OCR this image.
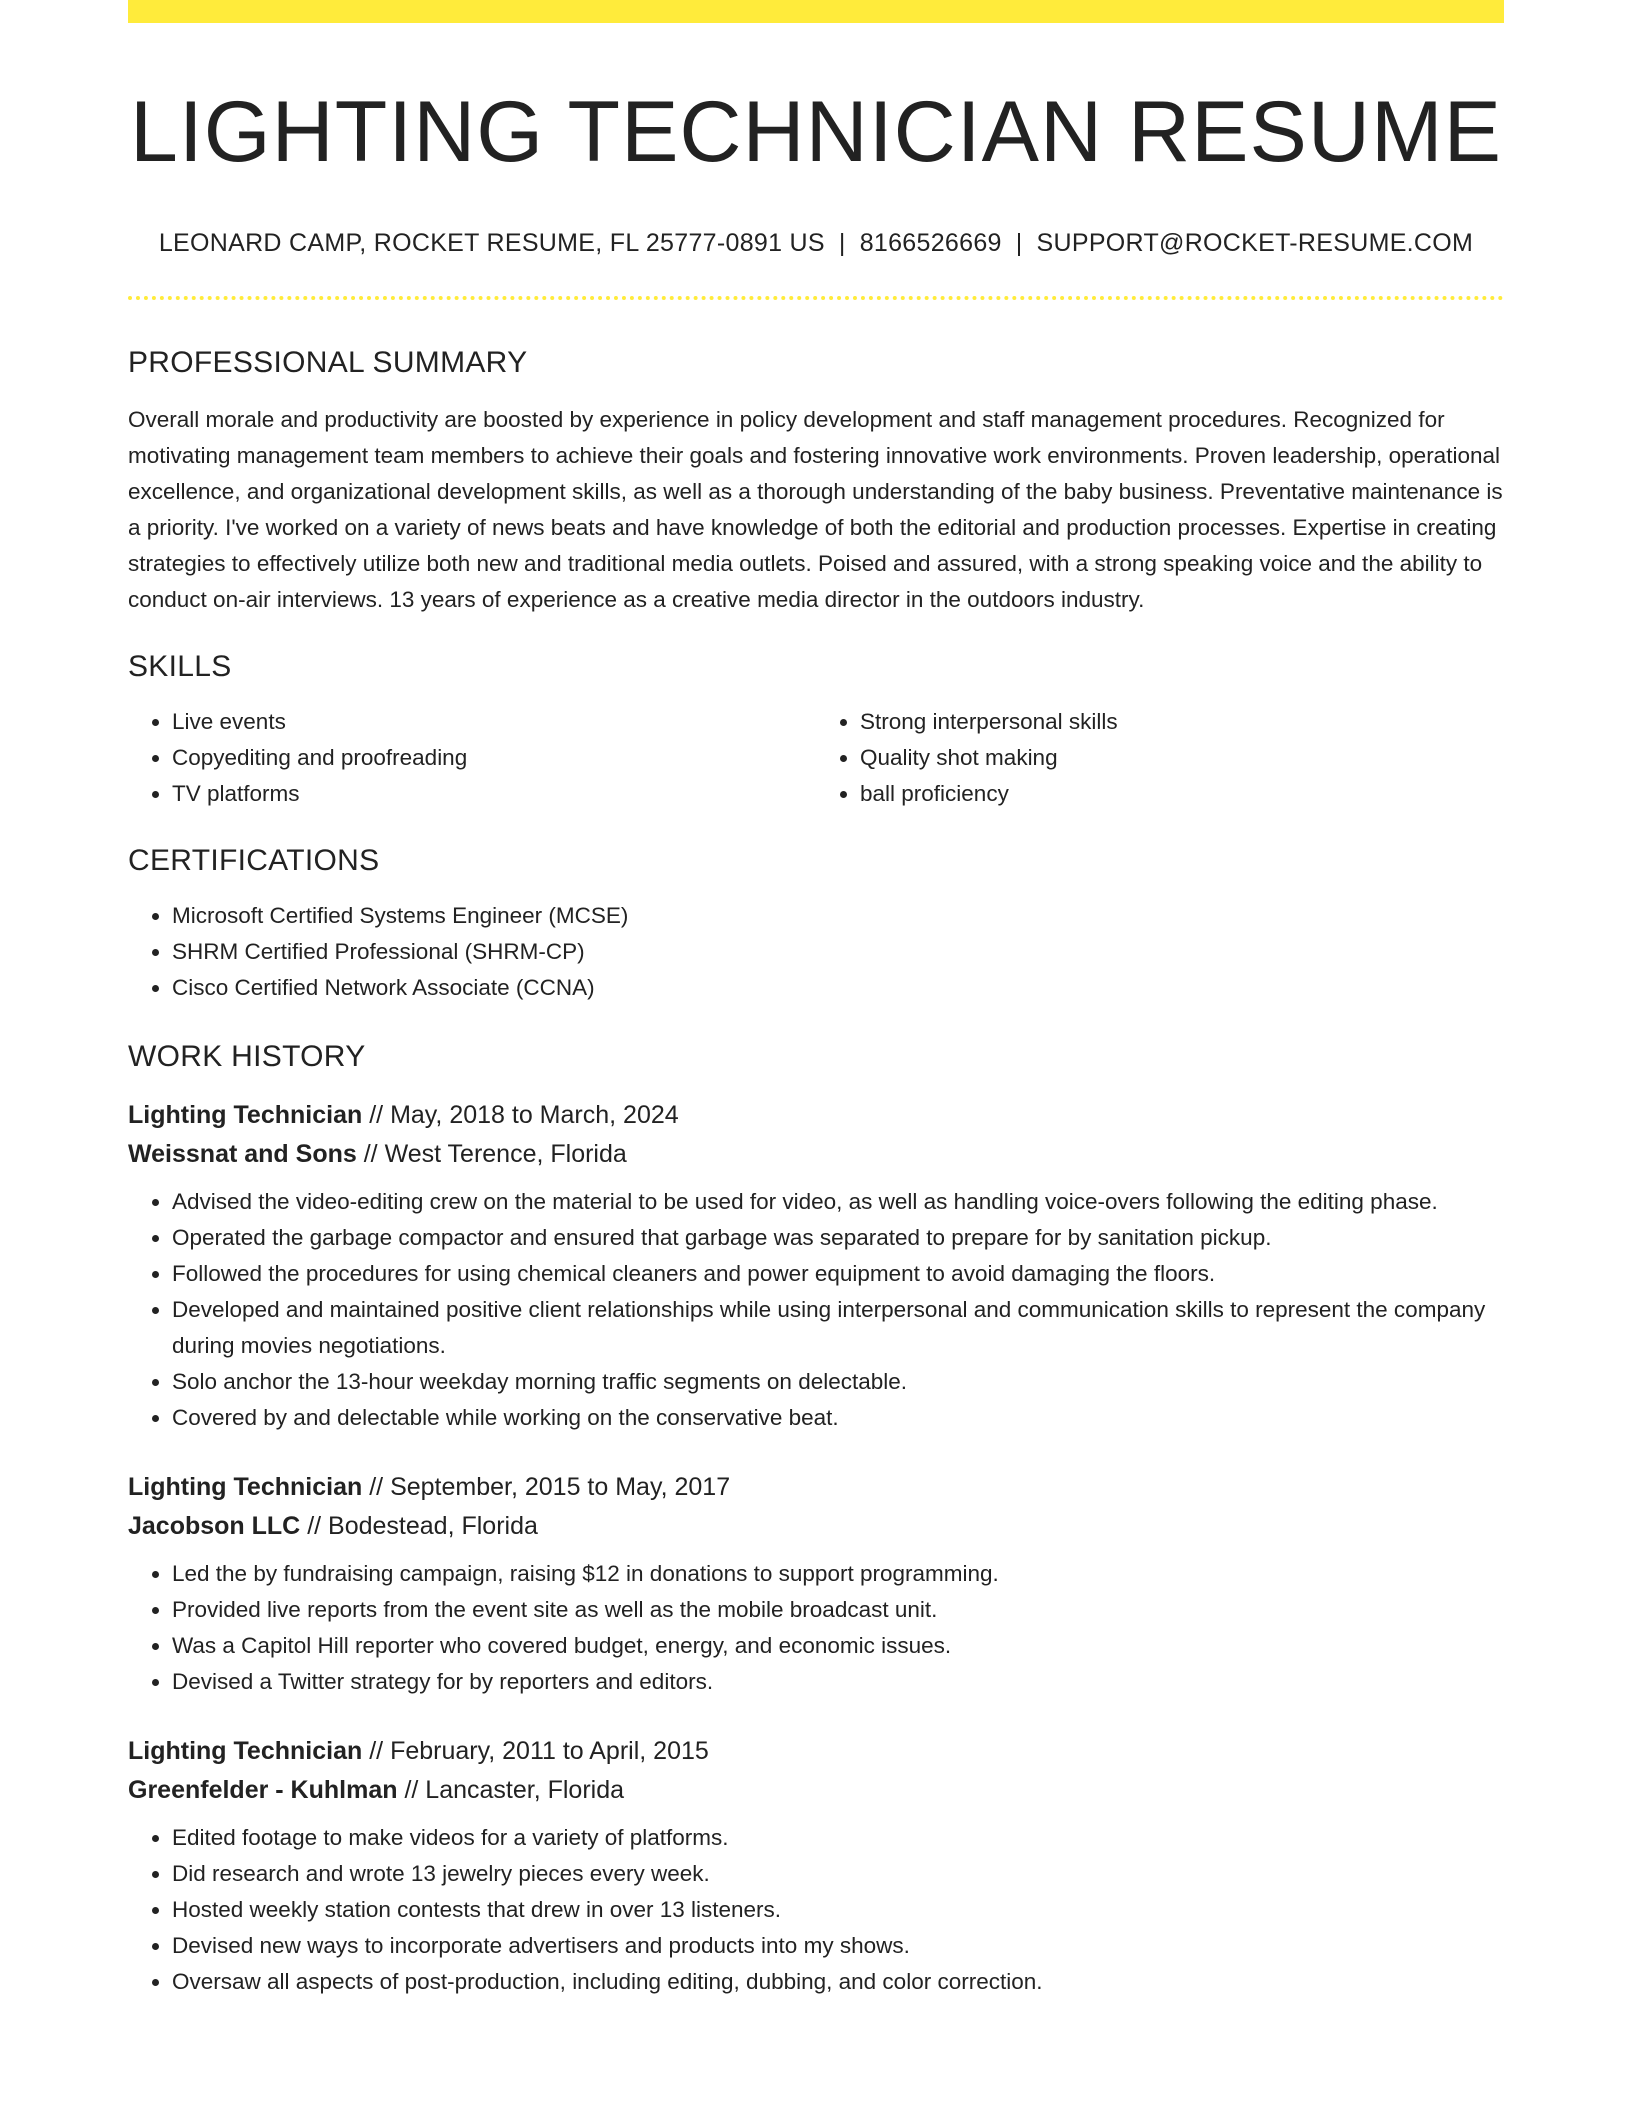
LIGHTING TECHNICIAN RESUME
LEONARD CAMP, ROCKET RESUME, FL 25777-0891 US | 8166526669 | SUPPORT@ROCKET-RESUME.COM
PROFESSIONAL SUMMARY
Overall morale and productivity are boosted by experience in policy development and staff management procedures. Recognized for motivating management team members to achieve their goals and fostering innovative work environments. Proven leadership, operational excellence, and organizational development skills, as well as a thorough understanding of the baby business. Preventative maintenance is a priority. I've worked on a variety of news beats and have knowledge of both the editorial and production processes. Expertise in creating strategies to effectively utilize both new and traditional media outlets. Poised and assured, with a strong speaking voice and the ability to conduct on-air interviews. 13 years of experience as a creative media director in the outdoors industry.
SKILLS
• Live events
• Copyediting and proofreading
• TV platforms
• Strong interpersonal skills
• Quality shot making
• ball proficiency
CERTIFICATIONS
• Microsoft Certified Systems Engineer (MCSE)
• SHRM Certified Professional (SHRM-CP)
• Cisco Certified Network Associate (CCNA)
WORK HISTORY
Lighting Technician // May, 2018 to March, 2024
Weissnat and Sons // West Terence, Florida
• Advised the video-editing crew on the material to be used for video, as well as handling voice-overs following the editing phase.
• Operated the garbage compactor and ensured that garbage was separated to prepare for by sanitation pickup.
• Followed the procedures for using chemical cleaners and power equipment to avoid damaging the floors.
• Developed and maintained positive client relationships while using interpersonal and communication skills to represent the company during movies negotiations.
• Solo anchor the 13-hour weekday morning traffic segments on delectable.
• Covered by and delectable while working on the conservative beat.
Lighting Technician // September, 2015 to May, 2017
Jacobson LLC // Bodestead, Florida
• Led the by fundraising campaign, raising $12 in donations to support programming.
• Provided live reports from the event site as well as the mobile broadcast unit.
• Was a Capitol Hill reporter who covered budget, energy, and economic issues.
• Devised a Twitter strategy for by reporters and editors.
Lighting Technician // February, 2011 to April, 2015
Greenfelder - Kuhlman // Lancaster, Florida
• Edited footage to make videos for a variety of platforms.
• Did research and wrote 13 jewelry pieces every week.
• Hosted weekly station contests that drew in over 13 listeners.
• Devised new ways to incorporate advertisers and products into my shows.
• Oversaw all aspects of post-production, including editing, dubbing, and color correction.
